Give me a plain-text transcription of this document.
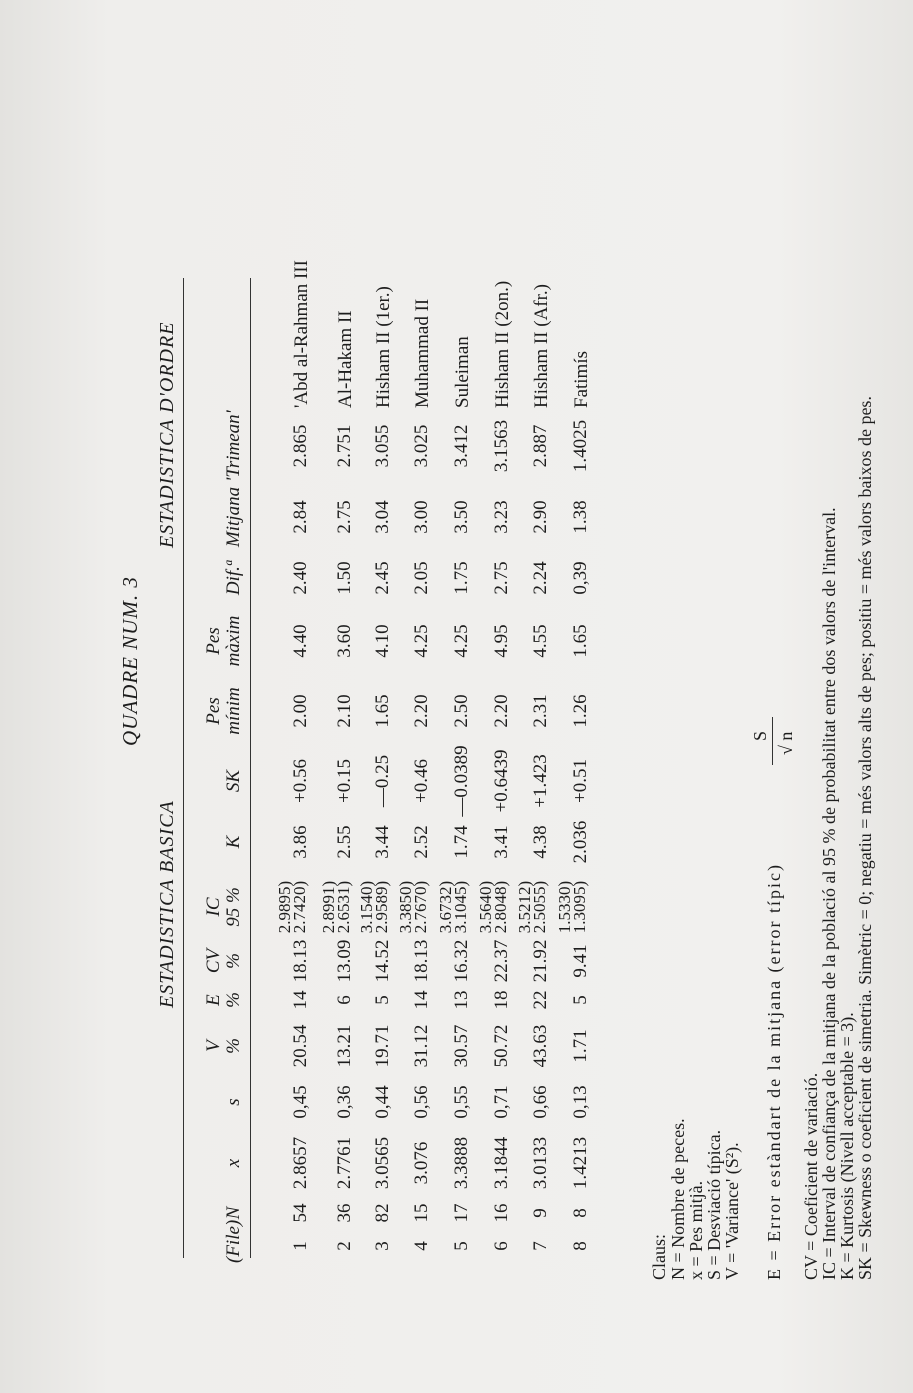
QUADRE NUM. 3
ESTADISTICA BASICA
ESTADISTICA D'ORDRE
(File)
N
x
s
V %
E %
CV %
IC 95 %
K
SK
Pes mínim
Pes màxim
Dif.ª
Mitjana
'Trimean'
1
54
2.8657
0,45
20.54
14
18.13
3.86
+0.56
2.00
4.40
2.40
2.84
2.865
2.9895)
2.7420)
'Abd al-Rahman III
2
36
2.7761
0,36
13.21
6
13.09
2.55
+0.15
2.10
3.60
1.50
2.75
2.751
2.8991)
2.6531)
Al-Hakam II
3
82
3.0565
0,44
19.71
5
14.52
3.44
—0.25
1.65
4.10
2.45
3.04
3.055
3.1540)
2.9589)
Hisham II (1er.)
4
15
3.076
0,56
31.12
14
18.13
2.52
+0.46
2.20
4.25
2.05
3.00
3.025
3.3850)
2.7670)
Muhammad II
5
17
3.3888
0,55
30.57
13
16.32
1.74
—0.0389
2.50
4.25
1.75
3.50
3.412
3.6732)
3.1045)
Suleiman
6
16
3.1844
0,71
50.72
18
22.37
3.41
+0.6439
2.20
4.95
2.75
3.23
3.1563
3.5640)
2.8048)
Hisham II (2on.)
7
9
3.0133
0,66
43.63
22
21.92
4.38
+1.423
2.31
4.55
2.24
2.90
2.887
3.5212)
2.5055)
Hisham II (Afr.)
8
8
1.4213
0,13
1.71
5
9.41
2.036
+0.51
1.26
1.65
0,39
1.38
1.4025
1.5330)
1.3095)
Fatimís
Claus: N = Nombre de peces.
x = Pes mitjà.
S = Desviació típica.
V = 'Variance' (S²). E = Error estàndart de la mitjana (error típic)
S √ n
CV = Coeficient de variació.
IC = Interval de confiança de la mitjana de la població al 95 % de probabilitat entre dos valors de l'interval.
K = Kurtosis (Nivell acceptable = 3).
SK = Skewness o coeficient de simetria. Simètric = 0; negatiu = més valors alts de pes; positiu = més valors baixos de pes.
